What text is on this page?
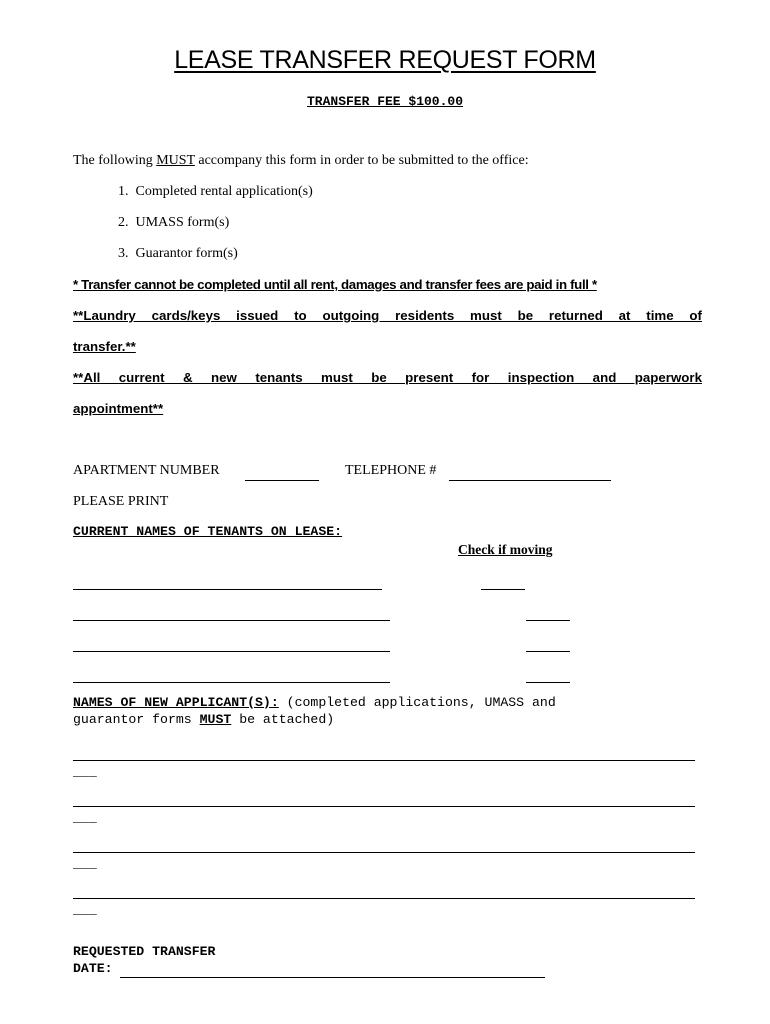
LEASE TRANSFER REQUEST FORM
TRANSFER FEE $100.00
The following MUST accompany this form in order to be submitted to the office:
1. Completed rental application(s)
2. UMASS form(s)
3. Guarantor form(s)
* Transfer cannot be completed until all rent, damages and transfer fees are paid in full *
**Laundry cards/keys issued to outgoing residents must be returned at time of
transfer.**
**All current & new tenants must be present for inspection and paperwork
appointment**
APARTMENT NUMBER	TELEPHONE #
PLEASE PRINT
CURRENT NAMES OF TENANTS ON LEASE:
Check if moving
NAMES OF NEW APPLICANT(S): (completed applications, UMASS and
guarantor forms MUST be attached)
___
___
___
___
REQUESTED TRANSFER
DATE:
